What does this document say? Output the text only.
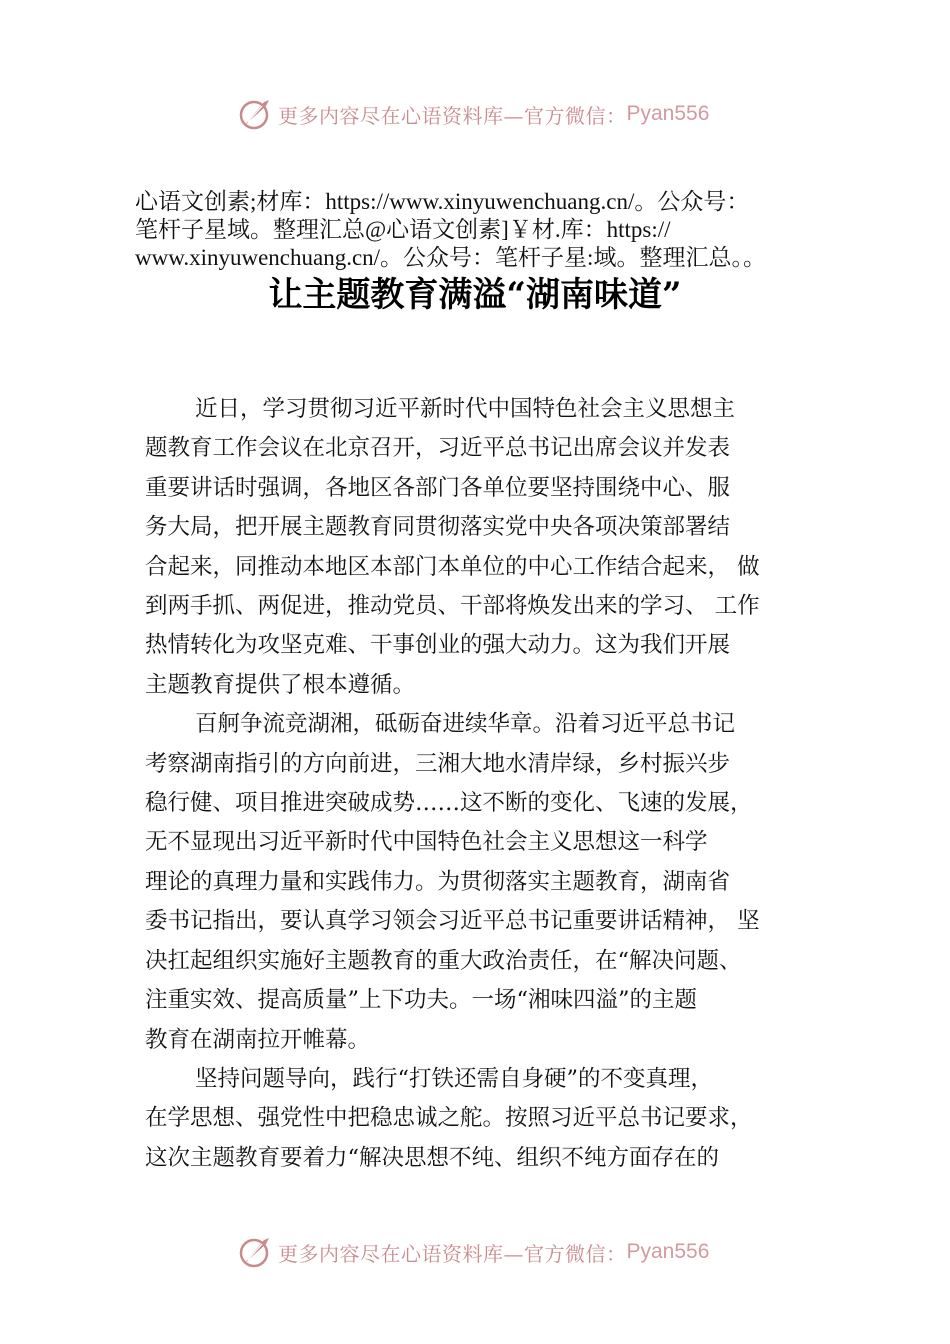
更多内容尽在心语资料库—官方微信： Pyan556

心语文创素;材库：https://www.xinyuwenchuang.cn/。公众号：

笔杆子星域。整理汇总@心语文创素]￥材.库：https://

www.xinyuwenchuang.cn/。公众号：笔杆子星:域。整理汇总。。

让主题教育满溢“湖南味道”
近日，学习贯彻习近平新时代中国特色社会主义思想主
题教育工作会议在北京召开，习近平总书记出席会议并发表
重要讲话时强调，各地区各部门各单位要坚持围绕中心、服
务大局，把开展主题教育同贯彻落实党中央各项决策部署结
合起来，同推动本地区本部门本单位的中心工作结合起来， 做
到两手抓、两促进，推动党员、干部将焕发出来的学习、 工作
热情转化为攻坚克难、干事创业的强大动力。这为我们开展
主题教育提供了根本遵循。
百舸争流竞湖湘，砥砺奋进续华章。沿着习近平总书记
考察湖南指引的方向前进，三湘大地水清岸绿，乡村振兴步
稳行健、项目推进突破成势……这不断的变化、飞速的发展，
无不显现出习近平新时代中国特色社会主义思想这一科学
理论的真理力量和实践伟力。为贯彻落实主题教育，湖南省
委书记指出，要认真学习领会习近平总书记重要讲话精神， 坚
决扛起组织实施好主题教育的重大政治责任，在“解决问题、
注重实效、提高质量”上下功夫。一场“湘味四溢”的主题
教育在湖南拉开帷幕。
坚持问题导向，践行“打铁还需自身硬”的不变真理，
在学思想、强党性中把稳忠诚之舵。按照习近平总书记要求，
这次主题教育要着力“解决思想不纯、组织不纯方面存在的
更多内容尽在心语资料库—官方微信： Pyan556
